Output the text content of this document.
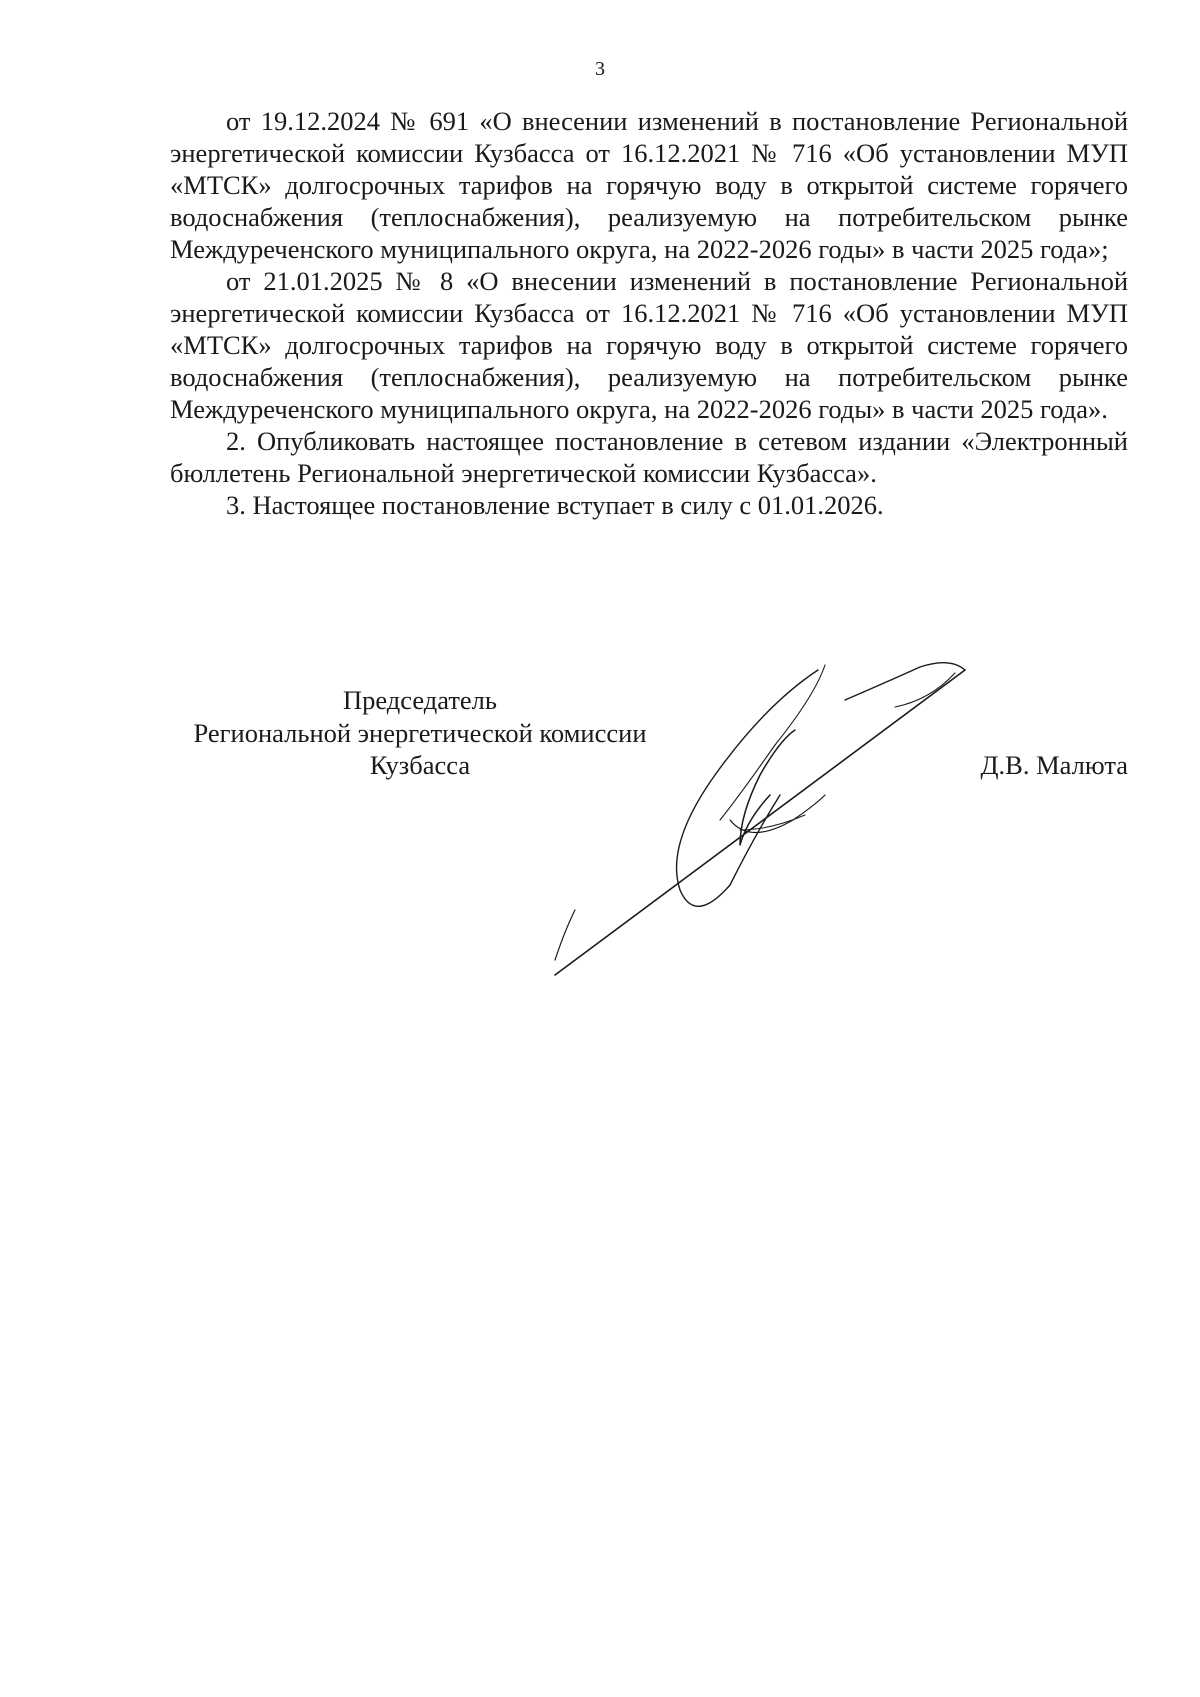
3

от 19.12.2024 № 691 «О внесении изменений в постановление Региональной энергетической комиссии Кузбасса от 16.12.2021 № 716 «Об установлении МУП «МТСК» долгосрочных тарифов на горячую воду в открытой системе горячего водоснабжения (теплоснабжения), реализуемую на потребительском рынке Междуреченского муниципального округа, на 2022-2026 годы» в части 2025 года»;

от 21.01.2025 № 8 «О внесении изменений в постановление Региональной энергетической комиссии Кузбасса от 16.12.2021 № 716 «Об установлении МУП «МТСК» долгосрочных тарифов на горячую воду в открытой системе горячего водоснабжения (теплоснабжения), реализуемую на потребительском рынке Междуреченского муниципального округа, на 2022-2026 годы» в части 2025 года».

2. Опубликовать настоящее постановление в сетевом издании «Электронный бюллетень Региональной энергетической комиссии Кузбасса».

3. Настоящее постановление вступает в силу с 01.01.2026.

Председатель
Региональной энергетической комиссии
Кузбасса	Д.В. Малюта
